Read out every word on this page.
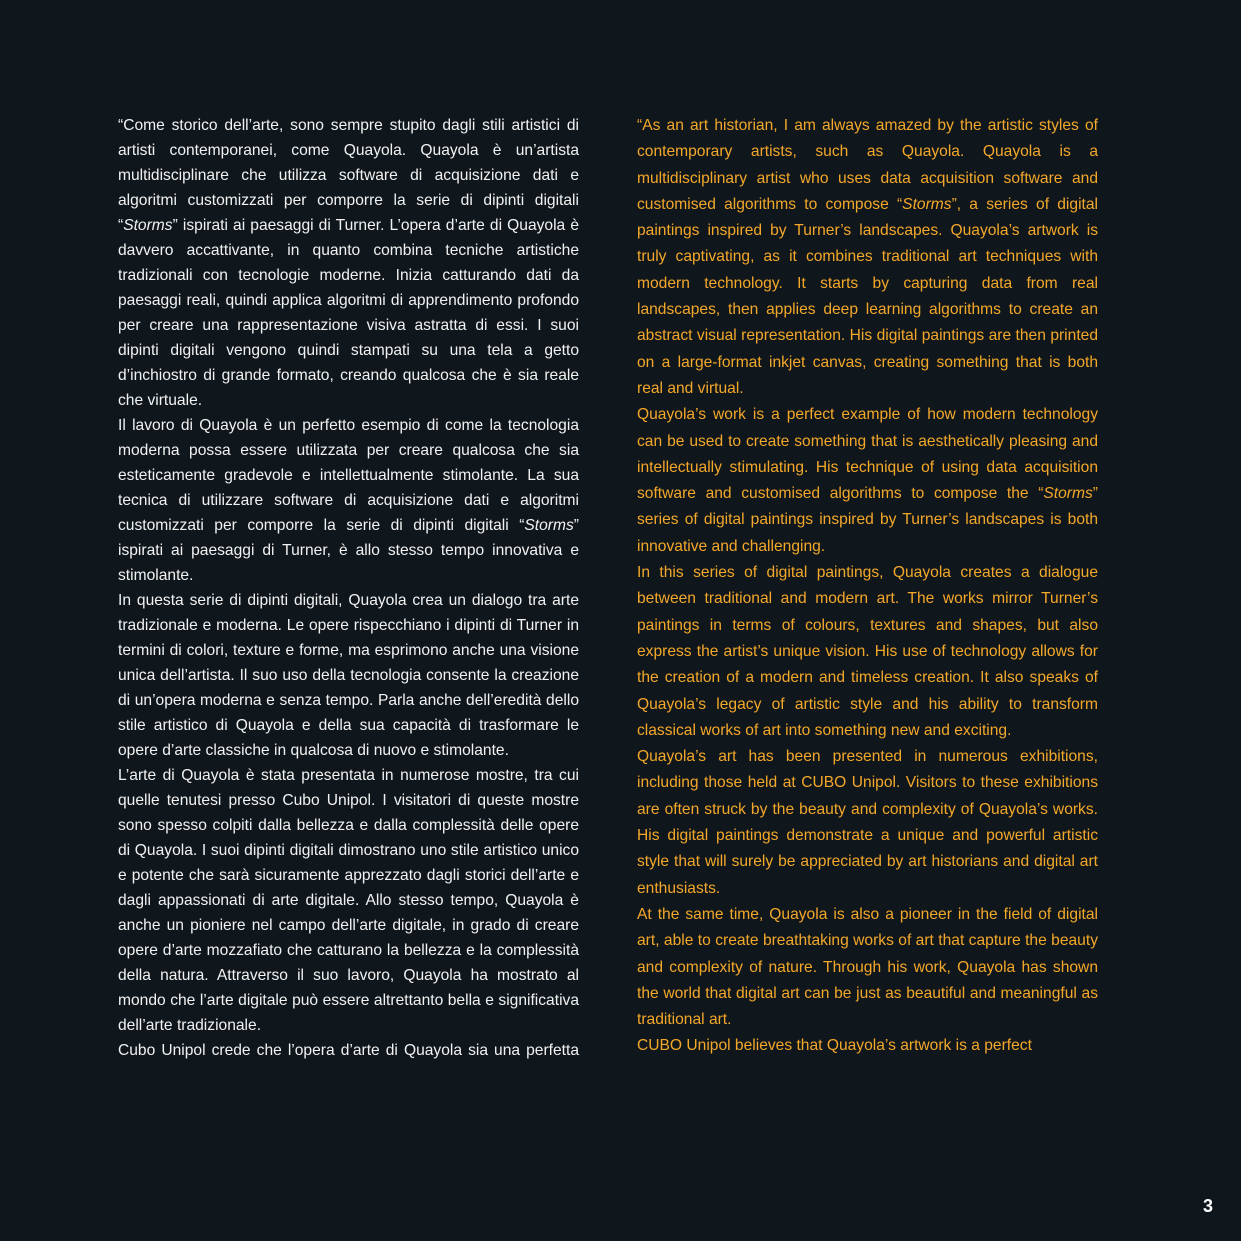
“Come storico dell’arte, sono sempre stupito dagli stili artistici di artisti contemporanei, come Quayola. Quayola è un’artista multidisciplinare che utilizza software di acquisizione dati e algoritmi customizzati per comporre la serie di dipinti digitali “Storms” ispirati ai paesaggi di Turner. L’opera d’arte di Quayola è davvero accattivante, in quanto combina tecniche artistiche tradizionali con tecnologie moderne. Inizia catturando dati da paesaggi reali, quindi applica algoritmi di apprendimento profondo per creare una rappresentazione visiva astratta di essi. I suoi dipinti digitali vengono quindi stampati su una tela a getto d’inchiostro di grande formato, creando qualcosa che è sia reale che virtuale.

Il lavoro di Quayola è un perfetto esempio di come la tecnologia moderna possa essere utilizzata per creare qualcosa che sia esteticamente gradevole e intellettualmente stimolante. La sua tecnica di utilizzare software di acquisizione dati e algoritmi customizzati per comporre la serie di dipinti digitali “Storms” ispirati ai paesaggi di Turner, è allo stesso tempo innovativa e stimolante.

In questa serie di dipinti digitali, Quayola crea un dialogo tra arte tradizionale e moderna. Le opere rispecchiano i dipinti di Turner in termini di colori, texture e forme, ma esprimono anche una visione unica dell’artista. Il suo uso della tecnologia consente la creazione di un’opera moderna e senza tempo. Parla anche dell’eredità dello stile artistico di Quayola e della sua capacità di trasformare le opere d’arte classiche in qualcosa di nuovo e stimolante.

L’arte di Quayola è stata presentata in numerose mostre, tra cui quelle tenutesi presso Cubo Unipol. I visitatori di queste mostre sono spesso colpiti dalla bellezza e dalla complessità delle opere di Quayola. I suoi dipinti digitali dimostrano uno stile artistico unico e potente che sarà sicuramente apprezzato dagli storici dell’arte e dagli appassionati di arte digitale. Allo stesso tempo, Quayola è anche un pioniere nel campo dell’arte digitale, in grado di creare opere d’arte mozzafiato che catturano la bellezza e la complessità della natura. Attraverso il suo lavoro, Quayola ha mostrato al mondo che l’arte digitale può essere altrettanto bella e significativa dell’arte tradizionale.

Cubo Unipol crede che l’opera d’arte di Quayola sia una perfetta

“As an art historian, I am always amazed by the artistic styles of contemporary artists, such as Quayola. Quayola is a multidisciplinary artist who uses data acquisition software and customised algorithms to compose “Storms”, a series of digital paintings inspired by Turner’s landscapes. Quayola’s artwork is truly captivating, as it combines traditional art techniques with modern technology. It starts by capturing data from real landscapes, then applies deep learning algorithms to create an abstract visual representation. His digital paintings are then printed on a large-format inkjet canvas, creating something that is both real and virtual.

Quayola’s work is a perfect example of how modern technology can be used to create something that is aesthetically pleasing and intellectually stimulating. His technique of using data acquisition software and customised algorithms to compose the “Storms” series of digital paintings inspired by Turner’s landscapes is both innovative and challenging.

In this series of digital paintings, Quayola creates a dialogue between traditional and modern art. The works mirror Turner’s paintings in terms of colours, textures and shapes, but also express the artist’s unique vision. His use of technology allows for the creation of a modern and timeless creation. It also speaks of Quayola’s legacy of artistic style and his ability to transform classical works of art into something new and exciting.

Quayola’s art has been presented in numerous exhibitions, including those held at CUBO Unipol. Visitors to these exhibitions are often struck by the beauty and complexity of Quayola’s works. His digital paintings demonstrate a unique and powerful artistic style that will surely be appreciated by art historians and digital art enthusiasts.

At the same time, Quayola is also a pioneer in the field of digital art, able to create breathtaking works of art that capture the beauty and complexity of nature. Through his work, Quayola has shown the world that digital art can be just as beautiful and meaningful as traditional art.

CUBO Unipol believes that Quayola’s artwork is a perfect

3
